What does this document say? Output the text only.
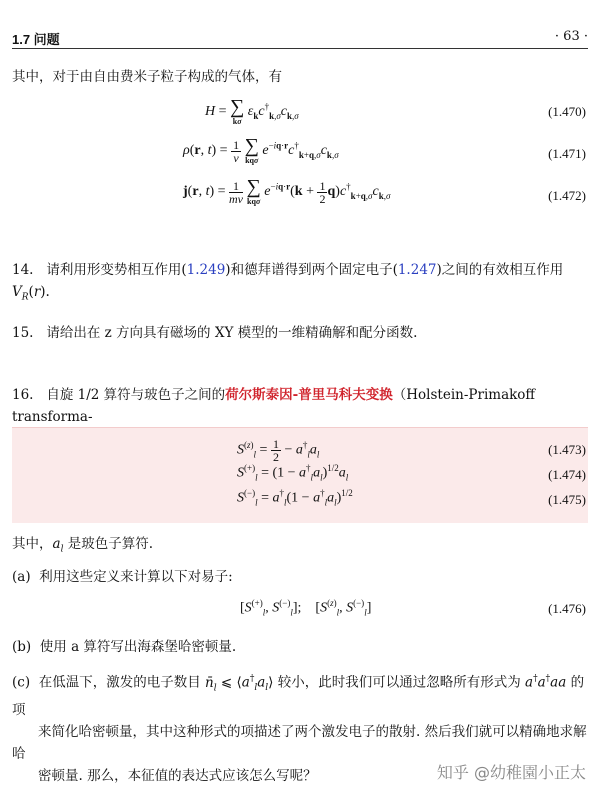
1.7 问题	· 63 ·
其中，对于由自由费米子粒子构成的气体，有
H = ∑
kσ
$\varepsilon_kc^\dagger_{k,\sigma}c_{k,\sigma}$	(1.470)
ρ(r, $t) = \frac{1}{\nu}$
∑
kqσ
$e^{-iq\cdot r}c^\dagger_{k+q,\sigma}c_{k,\sigma}$	(1.471)
j(r, $t) = \frac{1}{m\nu}$
∑
kqσ
$e^{-iq\cdot r}(k + \frac{1}{2} q)c^\dagger_{k+q,\sigma}c_{k,\sigma}$	(1.472)
14. 请利用形变势相互作用(1.249)和德拜谱得到两个固定电子(1.247)之间的有效相互作用 $V_R(r)$.
15. 请给出在 z 方向具有磁场的 XY 模型的一维精确解和配分函数.
16. 自旋 1/2 算符与玻色子之间的荷尔斯泰因-普里马科夫变换（Holstein-Primakoff transforma-

$S^{(z)}_l = \frac{1}{2} - a^\dagger_la_l$	(1.473)
$S^{(+)}_l = (1 - a^\dagger_la_l)^{1/2}a_l$	(1.474)
$S^{(-)}_l = a^\dagger_l(1 - a^\dagger_la_l)^{1/2}$	(1.475)
其中，$a_l$ 是玻色子算符.
(a) 利用这些定义来计算以下对易子:
[$S^{(+)}_l$, $S^{(-)}_l$];    [$S^{(z)}_l$, $S^{(-)}_l$]	(1.476)
(b) 使用 a 算符写出海森堡哈密顿量.
(c) 在低温下，激发的电子数目 $n̄_l$ ⩽ $⟨a^\dagger_la_l⟩$ 较小，此时我们可以通过忽略所有形式为 a†a†aa 的项
来简化哈密顿量，其中这种形式的项描述了两个激发电子的散射. 然后我们就可以精确地求解哈
密顿量. 那么，本征值的表达式应该怎么写呢？	知乎 @幼稚園小正太
